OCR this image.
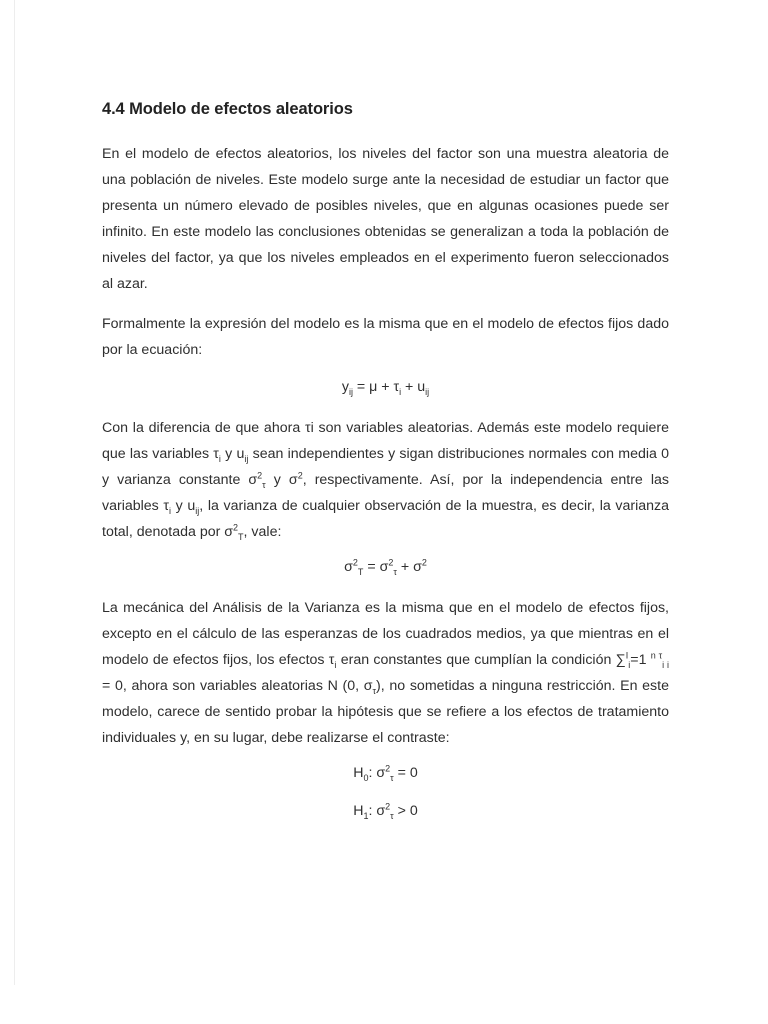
4.4 Modelo de efectos aleatorios

En el modelo de efectos aleatorios, los niveles del factor son una muestra aleatoria de una población de niveles. Este modelo surge ante la necesidad de estudiar un factor que presenta un número elevado de posibles niveles, que en algunas ocasiones puede ser infinito. En este modelo las conclusiones obtenidas se generalizan a toda la población de niveles del factor, ya que los niveles empleados en el experimento fueron seleccionados al azar.

Formalmente la expresión del modelo es la misma que en el modelo de efectos fijos dado por la ecuación:

$y_{ij} = \mu + \tau_i + u_{ij}$

Con la diferencia de que ahora τi son variables aleatorias. Además este modelo requiere que las variables $\tau_i$ y $u_{ij}$ sean independientes y sigan distribuciones normales con media 0 y varianza constante $\sigma^2_\tau$ y $\sigma^2$, respectivamente. Así, por la independencia entre las variables $\tau_i$ y $u_{ij}$, la varianza de cualquier observación de la muestra, es decir, la varianza total, denotada por $\sigma^2_T$, vale:

$\sigma^2_T = \sigma^2_\tau + \sigma^2$

La mecánica del Análisis de la Varianza es la misma que en el modelo de efectos fijos, excepto en el cálculo de las esperanzas de los cuadrados medios, ya que mientras en el modelo de efectos fijos, los efectos $\tau_i$ eran constantes que cumplían la condición ∑$^I_i$=1 $^{n \tau}_{i i}$ = 0, ahora son variables aleatorias N (0, $\sigma_\tau$), no sometidas a ninguna restricción. En este modelo, carece de sentido probar la hipótesis que se refiere a los efectos de tratamiento individuales y, en su lugar, debe realizarse el contraste:

$H_0$: $\sigma^2_\tau = 0$
$H_1$: $\sigma^2_\tau > 0$
